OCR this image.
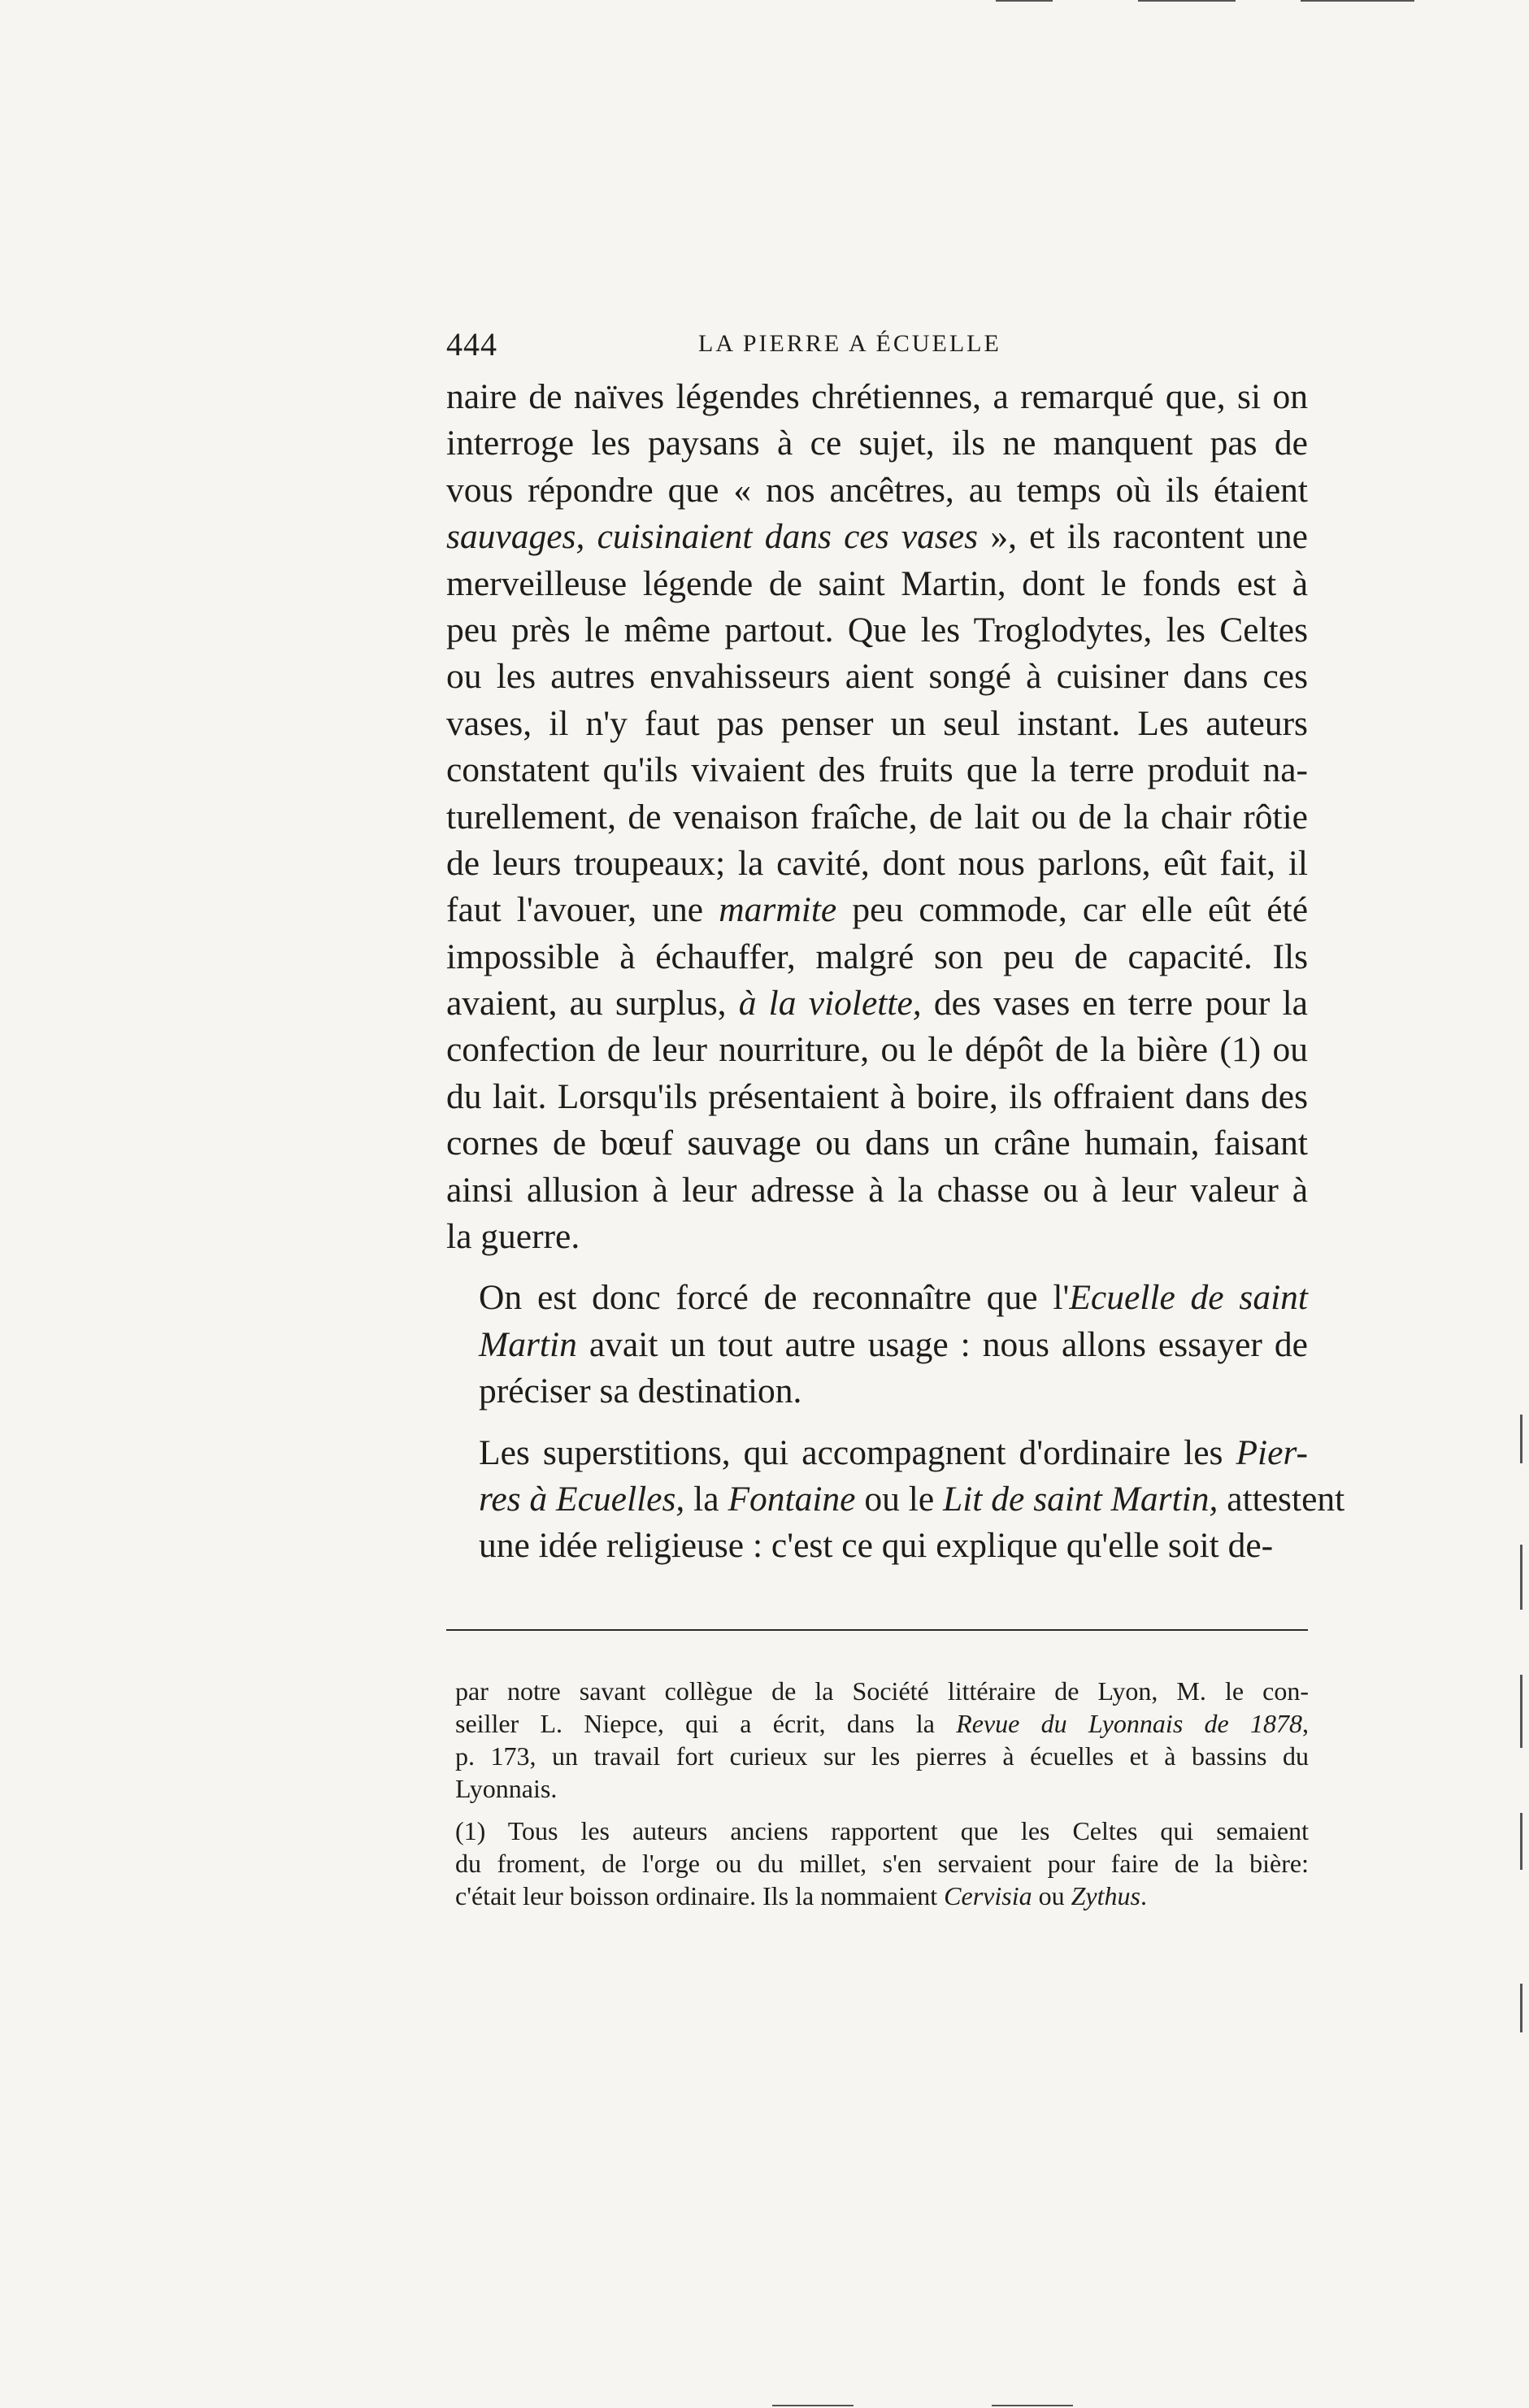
444	LA PIERRE A ÉCUELLE

naire de naïves légendes chrétiennes, a remarqué que, si on
interroge les paysans à ce sujet, ils ne manquent pas de
vous répondre que « nos ancêtres, au temps où ils étaient
sauvages, cuisinaient dans ces vases », et ils racontent une
merveilleuse légende de saint Martin, dont le fonds est à
peu près le même partout. Que les Troglodytes, les Celtes
ou les autres envahisseurs aient songé à cuisiner dans ces
vases, il n'y faut pas penser un seul instant. Les auteurs
constatent qu'ils vivaient des fruits que la terre produit na-
turellement, de venaison fraîche, de lait ou de la chair rôtie
de leurs troupeaux; la cavité, dont nous parlons, eût fait, il
faut l'avouer, une marmite peu commode, car elle eût été
impossible à échauffer, malgré son peu de capacité. Ils
avaient, au surplus, à la violette, des vases en terre pour la
confection de leur nourriture, ou le dépôt de la bière (1) ou
du lait. Lorsqu'ils présentaient à boire, ils offraient dans des
cornes de bœuf sauvage ou dans un crâne humain, faisant
ainsi allusion à leur adresse à la chasse ou à leur valeur à
la guerre.

On est donc forcé de reconnaître que l'Ecuelle de saint
Martin avait un tout autre usage : nous allons essayer de
préciser sa destination.

Les superstitions, qui accompagnent d'ordinaire les Pier-
res à Ecuelles, la Fontaine ou le Lit de saint Martin, attestent
une idée religieuse : c'est ce qui explique qu'elle soit de-

par notre savant collègue de la Société littéraire de Lyon, M. le con-
seiller L. Niepce, qui a écrit, dans la Revue du Lyonnais de 1878,
p. 173, un travail fort curieux sur les pierres à écuelles et à bassins du
Lyonnais.
(1) Tous les auteurs anciens rapportent que les Celtes qui semaient
du froment, de l'orge ou du millet, s'en servaient pour faire de la bière:
c'était leur boisson ordinaire. Ils la nommaient Cervisia ou Zythus.
